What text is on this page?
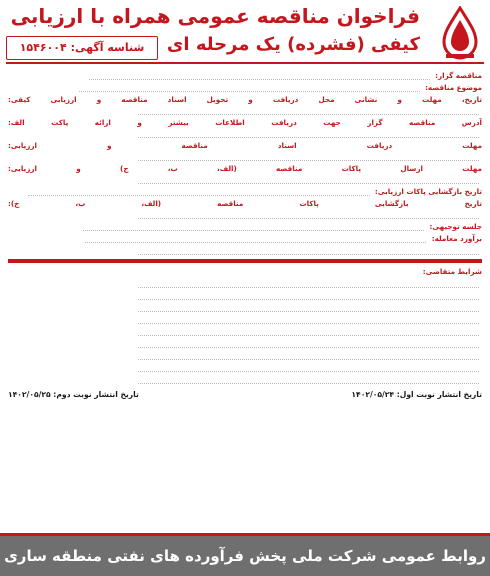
فراخوان مناقصه عمومی همراه با ارزیابی
کیفی (فشرده) یک مرحله ای
شناسه آگهی: ۱۵۴۶۰۰۴
مناقصه گزار:
موضوع مناقصه:
تاریخ، مهلت و نشانی محل دریافت و تحویل اسناد مناقصه و ارزیابی کیفی:
آدرس مناقصه گزار جهت دریافت اطلاعات بیشتر و ارائه پاکت الف:
مهلت دریافت اسناد مناقصه و ارزیابی:
مهلت ارسال پاکات مناقصه (الف، ب، ج) و ارزیابی:
تاریخ بازگشایی پاکات ارزیابی:
تاریخ بازگشایی پاکات مناقصه (الف، ب، ج):
جلسه توجیهی:
برآورد معامله:
شرایط متقاضی:
تاریخ انتشار نوبت اول: ۱۴۰۲/۰۵/۲۴
تاریخ انتشار نوبت دوم: ۱۴۰۲/۰۵/۲۵
روابط عمومی شرکت ملی پخش فرآورده های نفتی منطقه ساری
